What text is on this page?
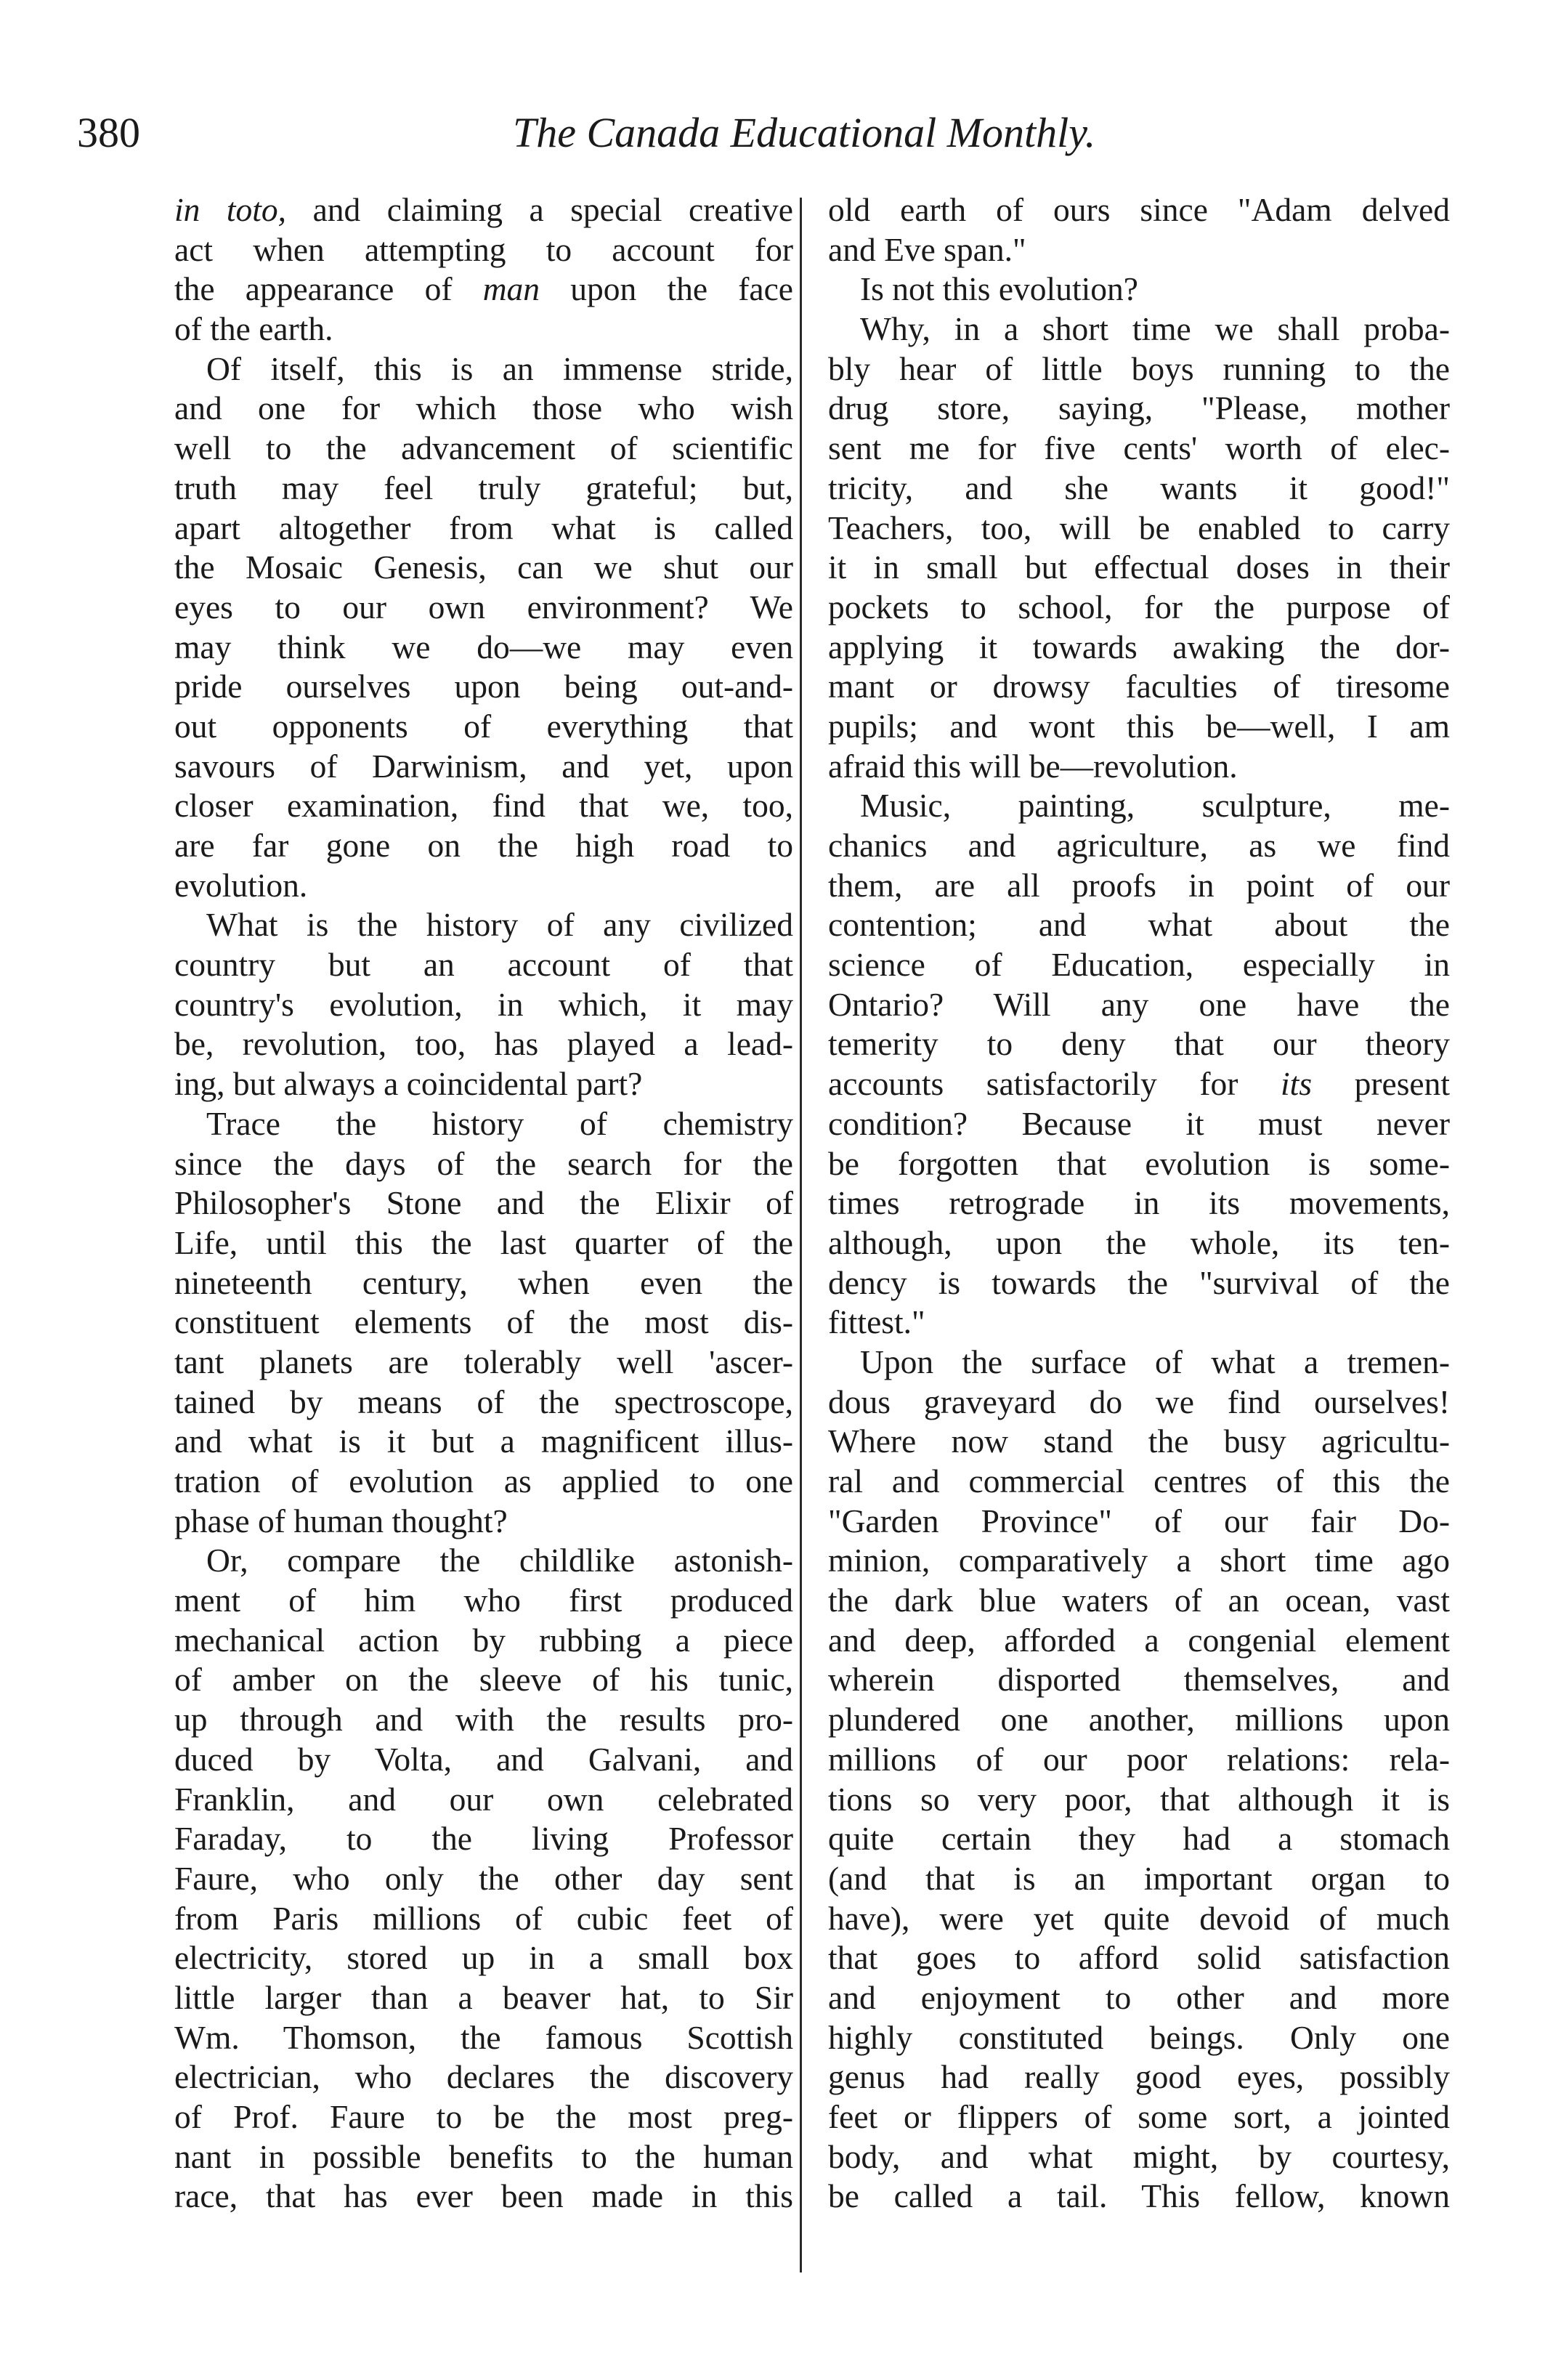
380	The Canada Educational Monthly.
in toto, and claiming a special creative
act when attempting to account for
the appearance of man upon the face
of the earth.
Of itself, this is an immense stride,
and one for which those who wish
well to the advancement of scientific
truth may feel truly grateful; but,
apart altogether from what is called
the Mosaic Genesis, can we shut our
eyes to our own environment? We
may think we do—we may even
pride ourselves upon being out-and-
out opponents of everything that
savours of Darwinism, and yet, upon
closer examination, find that we, too,
are far gone on the high road to
evolution.
What is the history of any civilized
country but an account of that
country's evolution, in which, it may
be, revolution, too, has played a lead-
ing, but always a coincidental part?
Trace the history of chemistry
since the days of the search for the
Philosopher's Stone and the Elixir of
Life, until this the last quarter of the
nineteenth century, when even the
constituent elements of the most dis-
tant planets are tolerably well 'ascer-
tained by means of the spectroscope,
and what is it but a magnificent illus-
tration of evolution as applied to one
phase of human thought?
Or, compare the childlike astonish-
ment of him who first produced
mechanical action by rubbing a piece
of amber on the sleeve of his tunic,
up through and with the results pro-
duced by Volta, and Galvani, and
Franklin, and our own celebrated
Faraday, to the living Professor
Faure, who only the other day sent
from Paris millions of cubic feet of
electricity, stored up in a small box
little larger than a beaver hat, to Sir
Wm. Thomson, the famous Scottish
electrician, who declares the discovery
of Prof. Faure to be the most preg-
nant in possible benefits to the human
race, that has ever been made in this
old earth of ours since "Adam delved
and Eve span."
Is not this evolution?
Why, in a short time we shall proba-
bly hear of little boys running to the
drug store, saying, "Please, mother
sent me for five cents' worth of elec-
tricity, and she wants it good!"
Teachers, too, will be enabled to carry
it in small but effectual doses in their
pockets to school, for the purpose of
applying it towards awaking the dor-
mant or drowsy faculties of tiresome
pupils; and wont this be—well, I am
afraid this will be—revolution.
Music, painting, sculpture, me-
chanics and agriculture, as we find
them, are all proofs in point of our
contention; and what about the
science of Education, especially in
Ontario? Will any one have the
temerity to deny that our theory
accounts satisfactorily for its present
condition? Because it must never
be forgotten that evolution is some-
times retrograde in its movements,
although, upon the whole, its ten-
dency is towards the "survival of the
fittest."
Upon the surface of what a tremen-
dous graveyard do we find ourselves!
Where now stand the busy agricultu-
ral and commercial centres of this the
"Garden Province" of our fair Do-
minion, comparatively a short time ago
the dark blue waters of an ocean, vast
and deep, afforded a congenial element
wherein disported themselves, and
plundered one another, millions upon
millions of our poor relations: rela-
tions so very poor, that although it is
quite certain they had a stomach
(and that is an important organ to
have), were yet quite devoid of much
that goes to afford solid satisfaction
and enjoyment to other and more
highly constituted beings. Only one
genus had really good eyes, possibly
feet or flippers of some sort, a jointed
body, and what might, by courtesy,
be called a tail. This fellow, known
